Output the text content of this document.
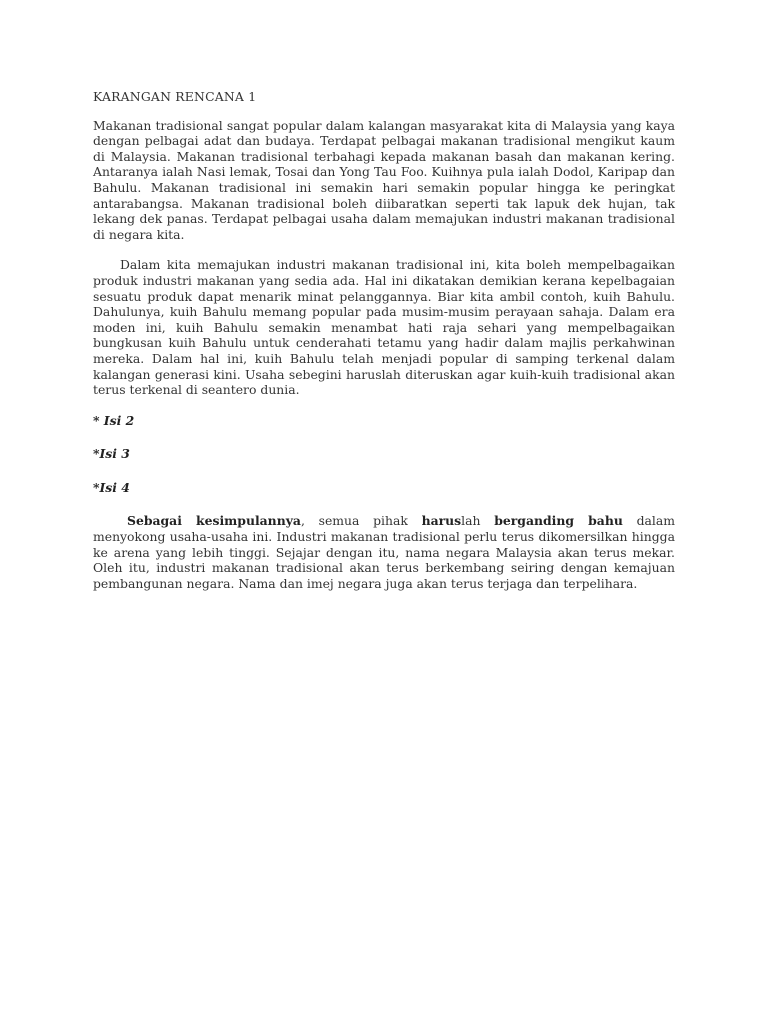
KARANGAN RENCANA 1

Makanan tradisional sangat popular dalam kalangan masyarakat kita di Malaysia yang kaya dengan pelbagai adat dan budaya. Terdapat pelbagai makanan tradisional mengikut kaum di Malaysia. Makanan tradisional terbahagi kepada makanan basah dan makanan kering. Antaranya ialah Nasi lemak, Tosai dan Yong Tau Foo. Kuihnya pula ialah Dodol, Karipap dan Bahulu. Makanan tradisional ini semakin hari semakin popular hingga ke peringkat antarabangsa. Makanan tradisional boleh diibaratkan seperti tak lapuk dek hujan, tak lekang dek panas. Terdapat pelbagai usaha dalam memajukan industri makanan tradisional di negara kita.

Dalam kita memajukan industri makanan tradisional ini, kita boleh mempelbagaikan produk industri makanan yang sedia ada. Hal ini dikatakan demikian kerana kepelbagaian sesuatu produk dapat menarik minat pelanggannya. Biar kita ambil contoh, kuih Bahulu. Dahulunya, kuih Bahulu memang popular pada musim-musim perayaan sahaja. Dalam era moden ini, kuih Bahulu semakin menambat hati raja sehari yang mempelbagaikan bungkusan kuih Bahulu untuk cenderahati tetamu yang hadir dalam majlis perkahwinan mereka. Dalam hal ini, kuih Bahulu telah menjadi popular di samping terkenal dalam kalangan generasi kini. Usaha sebegini haruslah diteruskan agar kuih-kuih tradisional akan terus terkenal di seantero dunia.

* Isi 2
*Isi 3
*Isi 4

Sebagai kesimpulannya, semua pihak haruslah berganding bahu dalam menyokong usaha-usaha ini. Industri makanan tradisional perlu terus dikomersilkan hingga ke arena yang lebih tinggi. Sejajar dengan itu, nama negara Malaysia akan terus mekar. Oleh itu, industri makanan tradisional akan terus berkembang seiring dengan kemajuan pembangunan negara. Nama dan imej negara juga akan terus terjaga dan terpelihara.
